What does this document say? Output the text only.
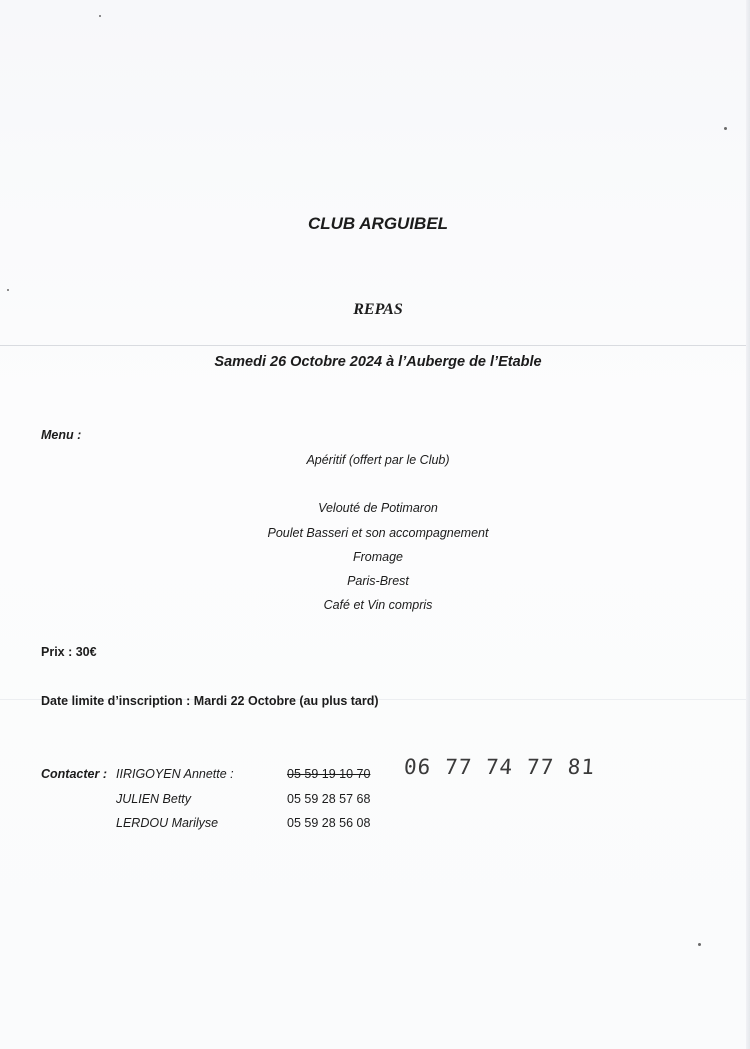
CLUB ARGUIBEL
REPAS
Samedi 26 Octobre 2024 à l’Auberge de l’Etable
Menu :
Apéritif (offert par le Club)
Velouté de Potimaron
Poulet Basseri et son accompagnement
Fromage
Paris-Brest
Café et Vin compris
Prix : 30€
Date limite d’inscription : Mardi 22 Octobre (au plus tard)
Contacter : IIRIGOYEN Annette :	05 59 19 10 70 06 77 74 77 81
JULIEN Betty	05 59 28 57 68
LERDOU Marilyse	05 59 28 56 08
